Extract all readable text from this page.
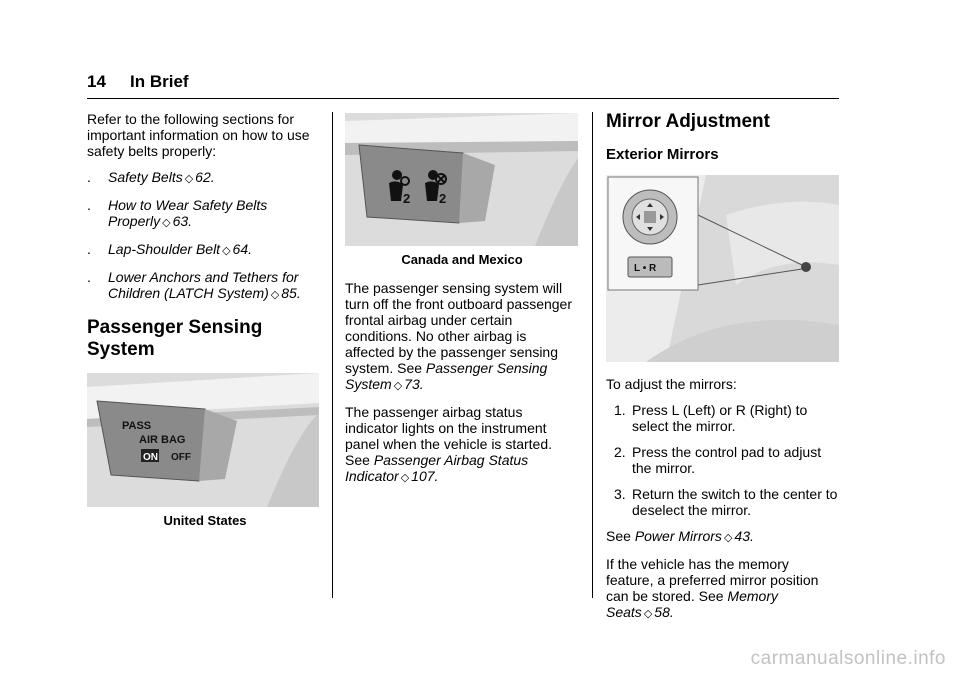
14 In Brief

Refer to the following sections for important information on how to use safety belts properly:

. Safety Belts ◇ 62.
. How to Wear Safety Belts Properly ◇ 63.
. Lap-Shoulder Belt ◇ 64.
. Lower Anchors and Tethers for Children (LATCH System) ◇ 85.
Passenger Sensing System
PASS
AIR BAG
ON OFF
United States
2 2
Canada and Mexico

The passenger sensing system will turn off the front outboard passenger frontal airbag under certain conditions. No other airbag is affected by the passenger sensing system. See Passenger Sensing System ◇ 73.

The passenger airbag status indicator lights on the instrument panel when the vehicle is started. See Passenger Airbag Status Indicator ◇ 107.

Mirror Adjustment
Exterior Mirrors
L • R

To adjust the mirrors:

1. Press L (Left) or R (Right) to select the mirror.
2. Press the control pad to adjust the mirror.
3. Return the switch to the center to deselect the mirror.

See Power Mirrors ◇ 43.

If the vehicle has the memory feature, a preferred mirror position can be stored. See Memory Seats ◇ 58.

carmanualsonline.info
